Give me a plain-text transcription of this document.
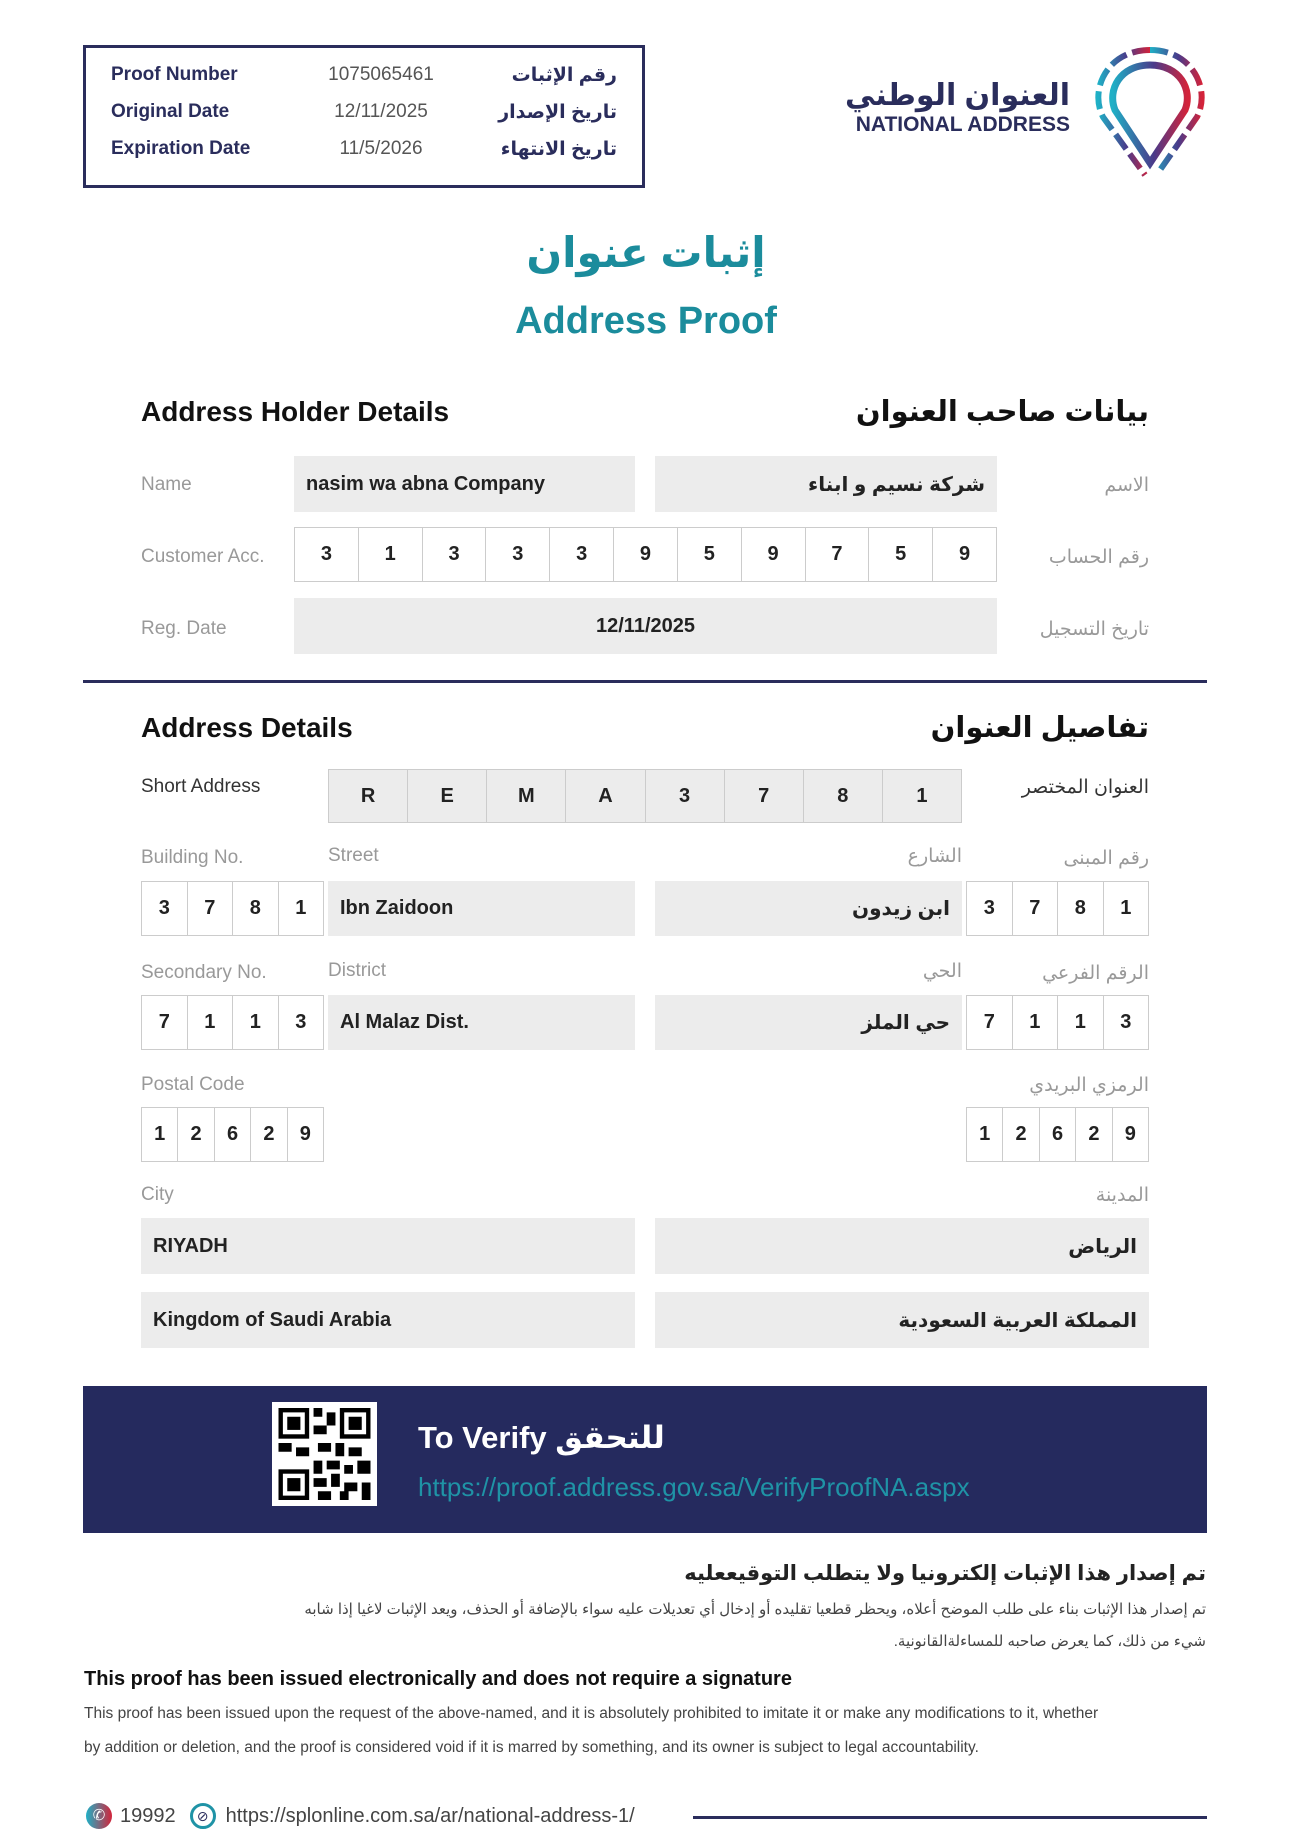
Proof Number	1075065461	رقم الإثبات
Original Date	12/11/2025	تاريخ الإصدار
Expiration Date	11/5/2026	تاريخ الانتهاء
العنوان الوطني
NATIONAL ADDRESS
إثبات عنوان
Address Proof
Address Holder Details	بيانات صاحب العنوان
Name	nasim wa abna Company	شركة نسيم و ابناء	الاسم
Customer Acc.	3	1	3	3	3	9	5	9	7	5	9	رقم الحساب
Reg. Date	12/11/2025	تاريخ التسجيل
Address Details	تفاصيل العنوان
Short Address	R	E	M	A	3	7	8	1	العنوان المختصر
Building No.	Street	الشارع	رقم المبنى
3	7	8	1	Ibn Zaidoon	ابن زيدون	3	7	8	1
Secondary No.	District	الحي	الرقم الفرعي
7	1	1	3	Al Malaz Dist.	حي الملز	7	1	1	3
Postal Code	الرمزي البريدي
1	2	6	2	9	1	2	6	2	9
City	المدينة
RIYADH	الرياض
Kingdom of Saudi Arabia	المملكة العربية السعودية
To Verify للتحقق
https://proof.address.gov.sa/VerifyProofNA.aspx
تم إصدار هذا الإثبات إلكترونيا ولا يتطلب التوقيععليه
تم إصدار هذا الإثبات بناء على طلب الموضح أعلاه، ويحظر قطعيا تقليده أو إدخال أي تعديلات عليه سواء بالإضافة أو الحذف، ويعد الإثبات لاغيا إذا شابه
شيء من ذلك، كما يعرض صاحبه للمساءلةالقانونية.
This proof has been issued electronically and does not require a signature
This proof has been issued upon the request of the above-named, and it is absolutely prohibited to imitate it or make any modifications to it, whether
by addition or deletion, and the proof is considered void if it is marred by something, and its owner is subject to legal accountability.
✆ 19992	⊘ https://splonline.com.sa/ar/national-address-1/
